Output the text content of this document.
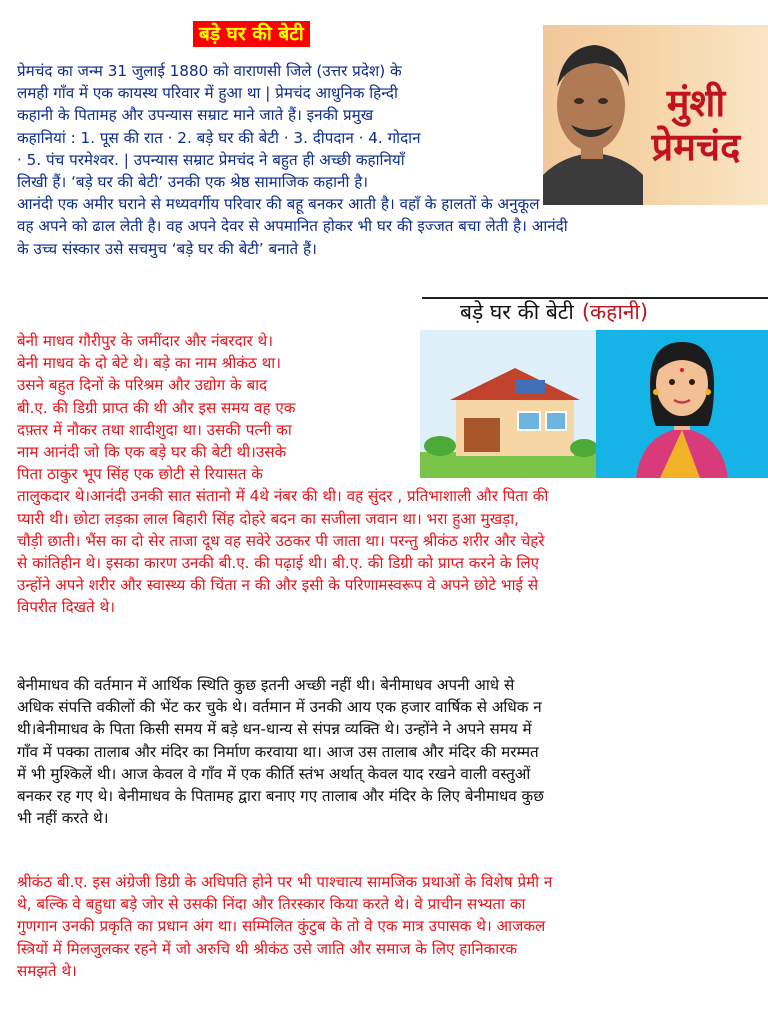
बड़े घर की बेटी
प्रेमचंद का जन्म 31 जुलाई 1880 को वाराणसी जिले (उत्तर प्रदेश) के
लमही गाँव में एक कायस्थ परिवार में हुआ था | प्रेमचंद आधुनिक हिन्दी
कहानी के पितामह और उपन्यास सम्राट माने जाते हैं। इनकी प्रमुख
कहानियां : 1. पूस की रात · 2. बड़े घर की बेटी · 3. दीपदान · 4. गोदान
· 5. पंच परमेश्वर. | उपन्यास सम्राट प्रेमचंद ने बहुत ही अच्छी कहानियाँ
लिखी हैं। ‘बड़े घर की बेटी’ उनकी एक श्रेष्ठ सामाजिक कहानी है।
आनंदी एक अमीर घराने से मध्यवर्गीय परिवार की बहू बनकर आती है। वहाँ के हालतों के अनुकूल
वह अपने को ढाल लेती है। वह अपने देवर से अपमानित होकर भी घर की इज्जत बचा लेती है। आनंदी
के उच्च संस्कार उसे सचमुच ‘बड़े घर की बेटी’ बनाते हैं।
मुंशी
प्रेमचंद
बड़े घर की बेटी (कहानी)
बेनी माधव गौरीपुर के जमींदार और नंबरदार थे।
बेनी माधव के दो बेटे थे। बड़े का नाम श्रीकंठ था।
उसने बहुत दिनों के परिश्रम और उद्योग के बाद
बी.ए. की डिग्री प्राप्त की थी और इस समय वह एक
दफ़्तर में नौकर तथा शादीशुदा था। उसकी पत्नी का
नाम आनंदी जो कि एक बड़े घर की बेटी थी।उसके
पिता ठाकुर भूप सिंह एक छोटी से रियासत के
तालुकदार थे।आनंदी उनकी सात संतानो में 4थे नंबर की थी। वह सुंदर , प्रतिभाशाली और पिता की
प्यारी थी। छोटा लड़का लाल बिहारी सिंह दोहरे बदन का सजीला जवान था। भरा हुआ मुखड़ा,
चौड़ी छाती। भैंस का दो सेर ताजा दूध वह सवेरे उठकर पी जाता था। परन्तु श्रीकंठ शरीर और चेहरे
से कांतिहीन थे। इसका कारण उनकी बी.ए. की पढ़ाई थी। बी.ए. की डिग्री को प्राप्त करने के लिए
उन्होंने अपने शरीर और स्वास्थ्य की चिंता न की और इसी के परिणामस्वरूप वे अपने छोटे भाई से
विपरीत दिखते थे।
बेनीमाधव की वर्तमान में आर्थिक स्थिति कुछ इतनी अच्छी नहीं थी। बेनीमाधव अपनी आधे से
अधिक संपत्ति वकीलों की भेंट कर चुके थे। वर्तमान में उनकी आय एक हजार वार्षिक से अधिक न
थी।बेनीमाधव के पिता किसी समय में बड़े धन-धान्य से संपन्न व्यक्ति थे। उन्होंने ने अपने समय में
गाँव में पक्का तालाब और मंदिर का निर्माण करवाया था। आज उस तालाब और मंदिर की मरम्मत
में भी मुश्किलें थी। आज केवल वे गाँव में एक कीर्ति स्तंभ अर्थात् केवल याद रखने वाली वस्तुओं
बनकर रह गए थे। बेनीमाधव के पितामह द्वारा बनाए गए तालाब और मंदिर के लिए बेनीमाधव कुछ
भी नहीं करते थे।
श्रीकंठ बी.ए. इस अंग्रेजी डिग्री के अधिपति होने पर भी पाश्चात्य सामजिक प्रथाओं के विशेष प्रेमी न
थे, बल्कि वे बहुधा बड़े जोर से उसकी निंदा और तिरस्कार किया करते थे। वे प्राचीन सभ्यता का
गुणगान उनकी प्रकृति का प्रधान अंग था। सम्मिलित कुंटुब के तो वे एक मात्र उपासक थे। आजकल
स्त्रियों में मिलजुलकर रहने में जो अरुचि थी श्रीकंठ उसे जाति और समाज के लिए हानिकारक
समझते थे।
